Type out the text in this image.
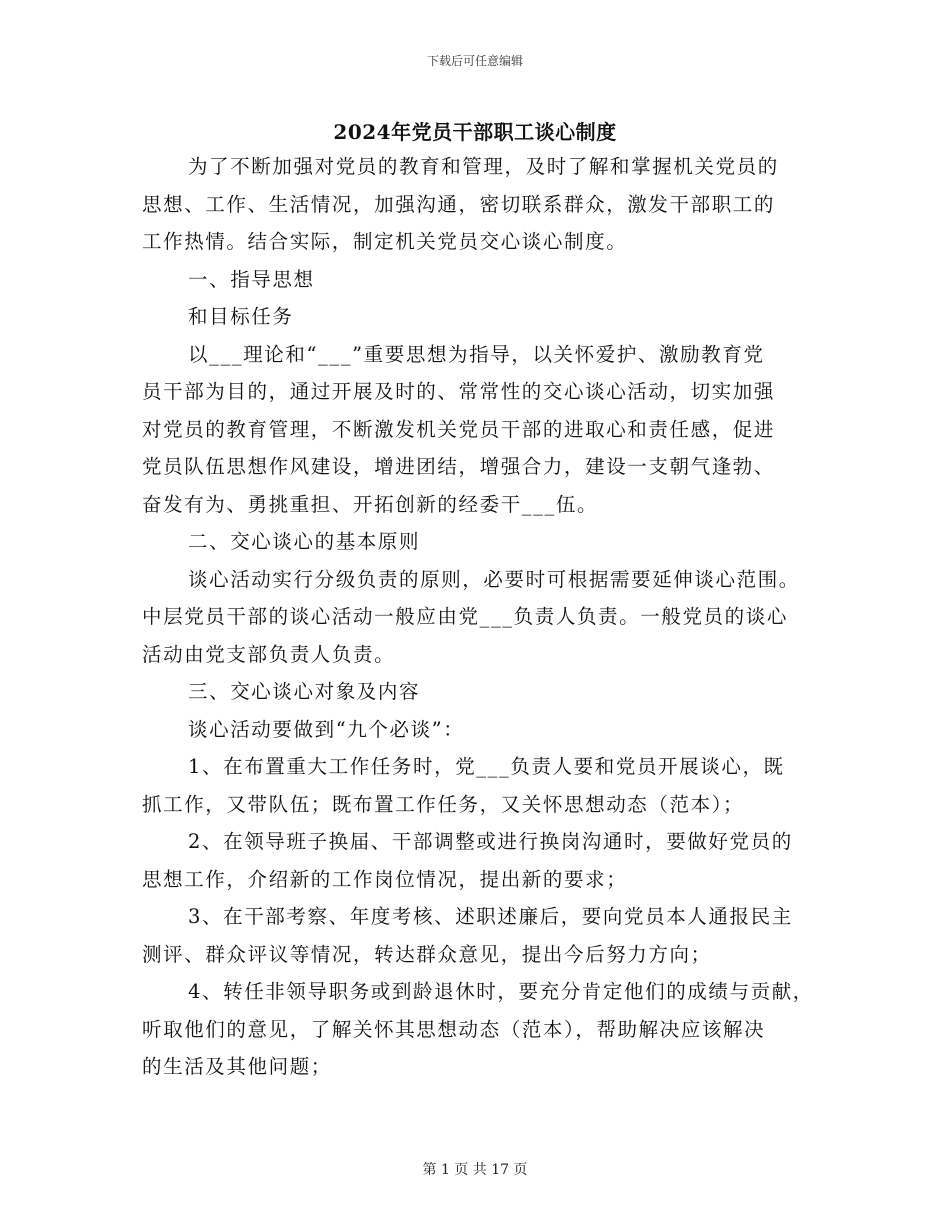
下载后可任意编辑
2024年党员干部职工谈心制度
为了不断加强对党员的教育和管理，及时了解和掌握机关党员的
思想、工作、生活情况，加强沟通，密切联系群众，激发干部职工的
工作热情。结合实际，制定机关党员交心谈心制度。
一、指导思想
和目标任务
以___理论和“___”重要思想为指导，以关怀爱护、激励教育党
员干部为目的，通过开展及时的、常常性的交心谈心活动，切实加强
对党员的教育管理，不断激发机关党员干部的进取心和责任感，促进
党员队伍思想作风建设，增进团结，增强合力，建设一支朝气逢勃、
奋发有为、勇挑重担、开拓创新的经委干___伍。
二、交心谈心的基本原则
谈心活动实行分级负责的原则，必要时可根据需要延伸谈心范围。
中层党员干部的谈心活动一般应由党___负责人负责。一般党员的谈心
活动由党支部负责人负责。
三、交心谈心对象及内容
谈心活动要做到“九个必谈”：
1、在布置重大工作任务时，党___负责人要和党员开展谈心，既
抓工作，又带队伍；既布置工作任务，又关怀思想动态（范本）；
2、在领导班子换届、干部调整或进行换岗沟通时，要做好党员的
思想工作，介绍新的工作岗位情况，提出新的要求；
3、在干部考察、年度考核、述职述廉后，要向党员本人通报民主
测评、群众评议等情况，转达群众意见，提出今后努力方向；
4、转任非领导职务或到龄退休时，要充分肯定他们的成绩与贡献，
听取他们的意见，了解关怀其思想动态（范本），帮助解决应该解决
的生活及其他问题；
第 1 页 共 17 页
